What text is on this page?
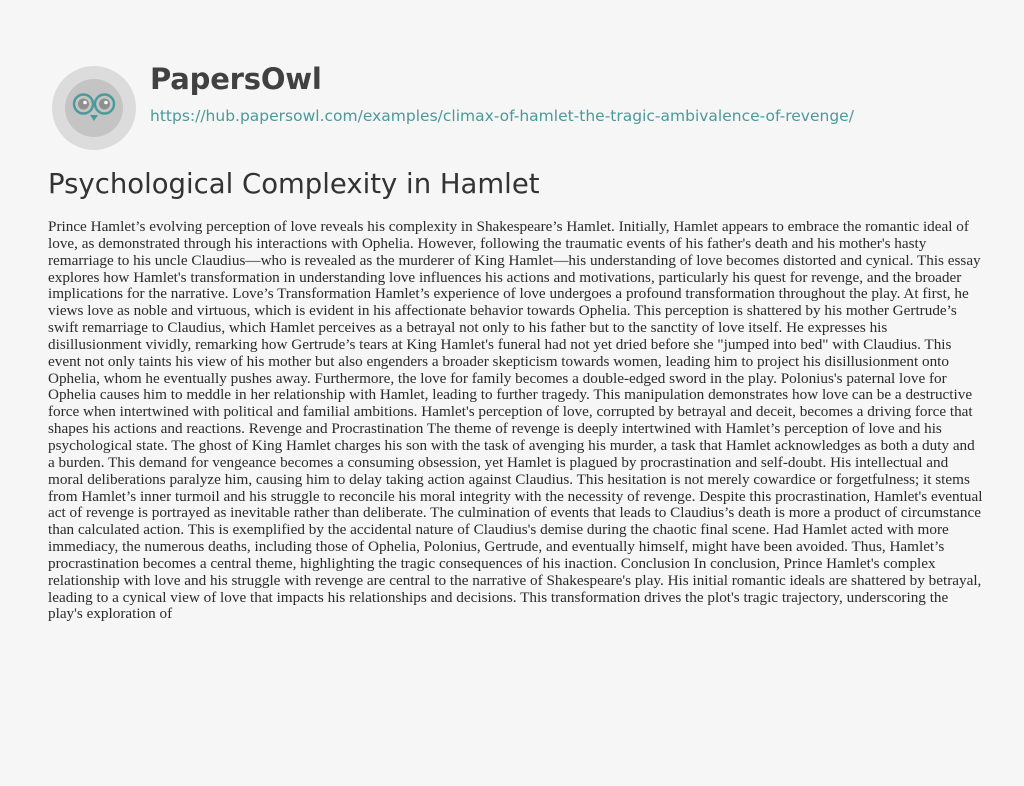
PapersOwl
https://hub.papersowl.com/examples/climax-of-hamlet-the-tragic-ambivalence-of-revenge/
Psychological Complexity in Hamlet

Prince Hamlet’s evolving perception of love reveals his complexity in Shakespeare’s Hamlet. Initially, Hamlet appears to embrace the romantic ideal of love, as demonstrated through his interactions with Ophelia. However, following the traumatic events of his father's death and his mother's hasty remarriage to his uncle Claudius—who is revealed as the murderer of King Hamlet—his understanding of love becomes distorted and cynical. This essay explores how Hamlet's transformation in understanding love influences his actions and motivations, particularly his quest for revenge, and the broader implications for the narrative. Love’s Transformation Hamlet’s experience of love undergoes a profound transformation throughout the play. At first, he views love as noble and virtuous, which is evident in his affectionate behavior towards Ophelia. This perception is shattered by his mother Gertrude’s swift remarriage to Claudius, which Hamlet perceives as a betrayal not only to his father but to the sanctity of love itself. He expresses his disillusionment vividly, remarking how Gertrude’s tears at King Hamlet's funeral had not yet dried before she "jumped into bed" with Claudius. This event not only taints his view of his mother but also engenders a broader skepticism towards women, leading him to project his disillusionment onto Ophelia, whom he eventually pushes away. Furthermore, the love for family becomes a double-edged sword in the play. Polonius's paternal love for Ophelia causes him to meddle in her relationship with Hamlet, leading to further tragedy. This manipulation demonstrates how love can be a destructive force when intertwined with political and familial ambitions. Hamlet's perception of love, corrupted by betrayal and deceit, becomes a driving force that shapes his actions and reactions. Revenge and Procrastination The theme of revenge is deeply intertwined with Hamlet’s perception of love and his psychological state. The ghost of King Hamlet charges his son with the task of avenging his murder, a task that Hamlet acknowledges as both a duty and a burden. This demand for vengeance becomes a consuming obsession, yet Hamlet is plagued by procrastination and self-doubt. His intellectual and moral deliberations paralyze him, causing him to delay taking action against Claudius. This hesitation is not merely cowardice or forgetfulness; it stems from Hamlet’s inner turmoil and his struggle to reconcile his moral integrity with the necessity of revenge. Despite this procrastination, Hamlet's eventual act of revenge is portrayed as inevitable rather than deliberate. The culmination of events that leads to Claudius’s death is more a product of circumstance than calculated action. This is exemplified by the accidental nature of Claudius's demise during the chaotic final scene. Had Hamlet acted with more immediacy, the numerous deaths, including those of Ophelia, Polonius, Gertrude, and eventually himself, might have been avoided. Thus, Hamlet’s procrastination becomes a central theme, highlighting the tragic consequences of his inaction. Conclusion In conclusion, Prince Hamlet's complex relationship with love and his struggle with revenge are central to the narrative of Shakespeare's play. His initial romantic ideals are shattered by betrayal, leading to a cynical view of love that impacts his relationships and decisions. This transformation drives the plot's tragic trajectory, underscoring the play's exploration of
